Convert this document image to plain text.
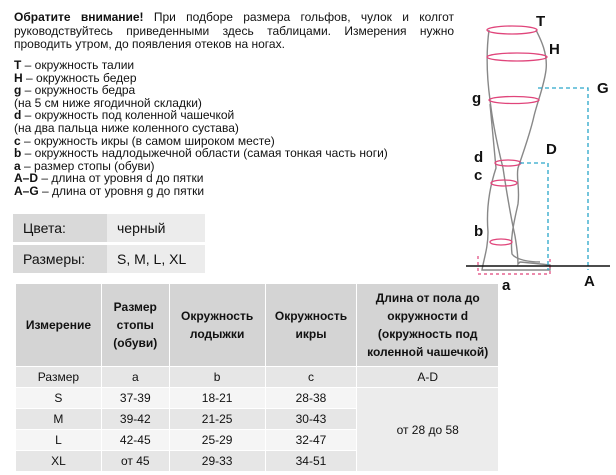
Обратите внимание! При подборе размера гольфов, чулок и колгот руководствуйтесь приведенными здесь таблицами. Измерения нужно проводить утром, до появления отеков на ногах.
T – окружность талии
H – окружность бедер
g – окружность бедра
(на 5 см ниже ягодичной складки)
d – окружность под коленной чашечкой
(на два пальца ниже коленного сустава)
c – окружность икры (в самом широком месте)
b – окружность надлодыжечной области (самая тонкая часть ноги)
a – размер стопы (обуви)
A–D – длина от уровня d до пятки
A–G – длина от уровня g до пятки
Цвета:	черный
Размеры:	S, M, L, XL
Измерение	Размер стопы (обуви)	Окружность лодыжки	Окружность икры	Длина от пола до окружности d (окружность под коленной чашечкой)
Размер	a	b	c	A-D
S	37-39	18-21	28-38	от 28 до 58
M	39-42	21-25	30-43	
L	42-45	25-29	32-47	
XL	от 45	29-33	34-51	
T
H
g
G
d	D
c
b
a	A
